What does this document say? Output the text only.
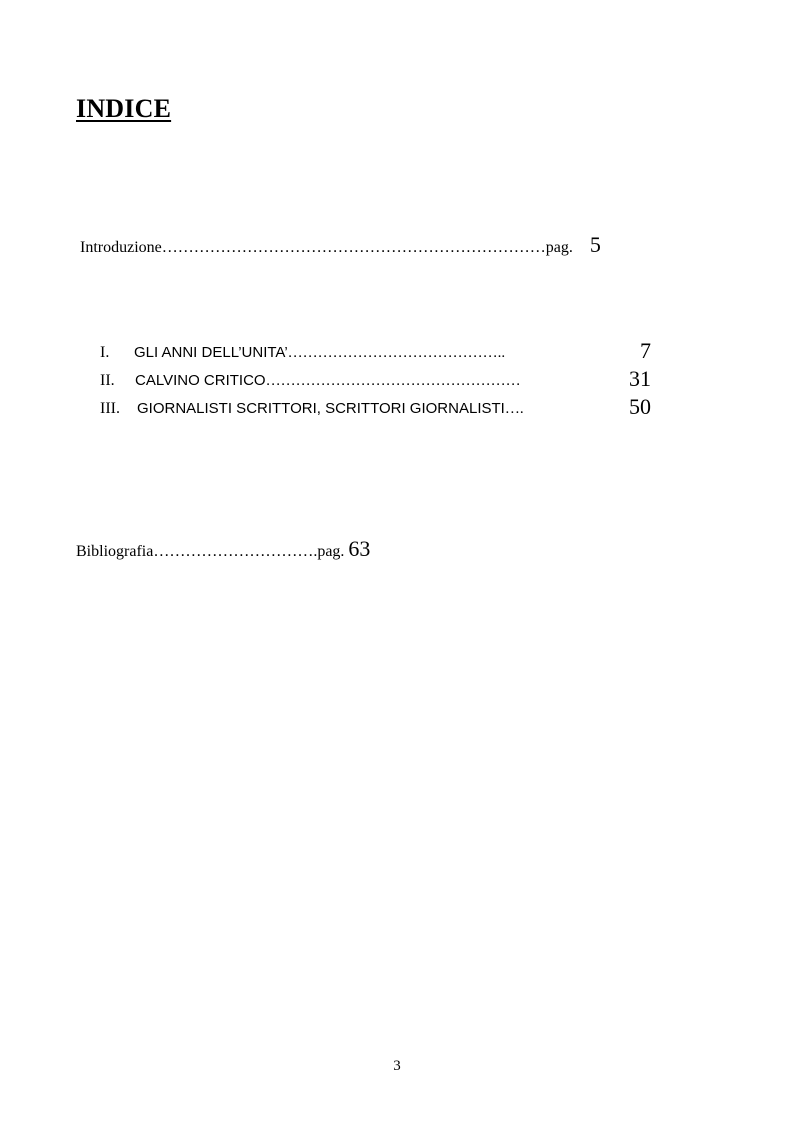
INDICE
Introduzione………………………………………………………………pag. 5
I. GLI ANNI DELL’UNITA’……………………………………..	7
II. CALVINO CRITICO……………………………………………	31
III. GIORNALISTI SCRITTORI, SCRITTORI GIORNALISTI….	50
Bibliografia………………………….pag. 63
3
